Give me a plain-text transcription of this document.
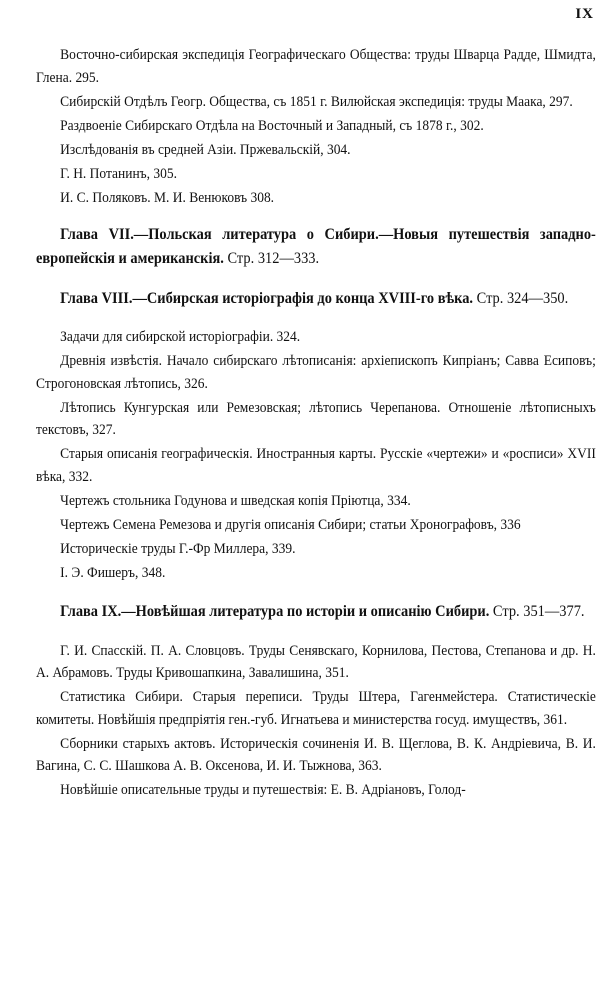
IX

Восточно-сибирская экспедиція Географическаго Общества: труды Шварца Радде, Шмидта, Глена. 295.

Сибирскій Отдѣлъ Геогр. Общества, съ 1851 г. Вилюйская экспедиція: труды Маака, 297.

Раздвоеніе Сибирскаго Отдѣла на Восточный и Западный, съ 1878 г., 302.

Изслѣдованія въ средней Азіи. Пржевальскій, 304.

Г. Н. Потанинъ, 305.

И. С. Поляковъ. М. И. Венюковъ 308.

Глава VII.—Польская литература о Сибири.—Новыя путешествія западно-европейскія и американскія. Стр. 312—333.

Глава VIII.—Сибирская исторіографія до конца XVIII-го вѣка. Стр. 324—350.

Задачи для сибирской исторіографіи. 324.

Древнія извѣстія. Начало сибирскаго лѣтописанія: архіепископъ Кипріанъ; Савва Есиповъ; Строгоновская лѣтопись, 326.

Лѣтопись Кунгурская или Ремезовская; лѣтопись Черепанова. Отношеніе лѣтописныхъ текстовъ, 327.

Старыя описанія географическія. Иностранныя карты. Русскіе «чертежи» и «росписи» XVII вѣка, 332.

Чертежъ стольника Годунова и шведская копія Пріютца, 334.

Чертежъ Семена Ремезова и другія описанія Сибири; статьи Хронографовъ, 336

Историческіе труды Г.-Фр Миллера, 339.

I. Э. Фишеръ, 348.

Глава IX.—Новѣйшая литература по исторіи и описанію Сибири. Стр. 351—377.

Г. И. Спасскій. П. А. Словцовъ. Труды Сенявскаго, Корнилова, Пестова, Степанова и др. Н. А. Абрамовъ. Труды Кривошапкина, Завалишина, 351.

Статистика Сибири. Старыя переписи. Труды Штера, Гагенмейстера. Статистическіе комитеты. Новѣйшія предпріятія ген.-губ. Игнатьева и министерства госуд. имуществъ, 361.

Сборники старыхъ актовъ. Историческія сочиненія И. В. Щеглова, В. К. Андріевича, В. И. Вагина, С. С. Шашкова А. В. Оксенова, И. И. Тыжнова, 363.

Новѣйшіе описательные труды и путешествія: Е. В. Адріановъ, Голод-
